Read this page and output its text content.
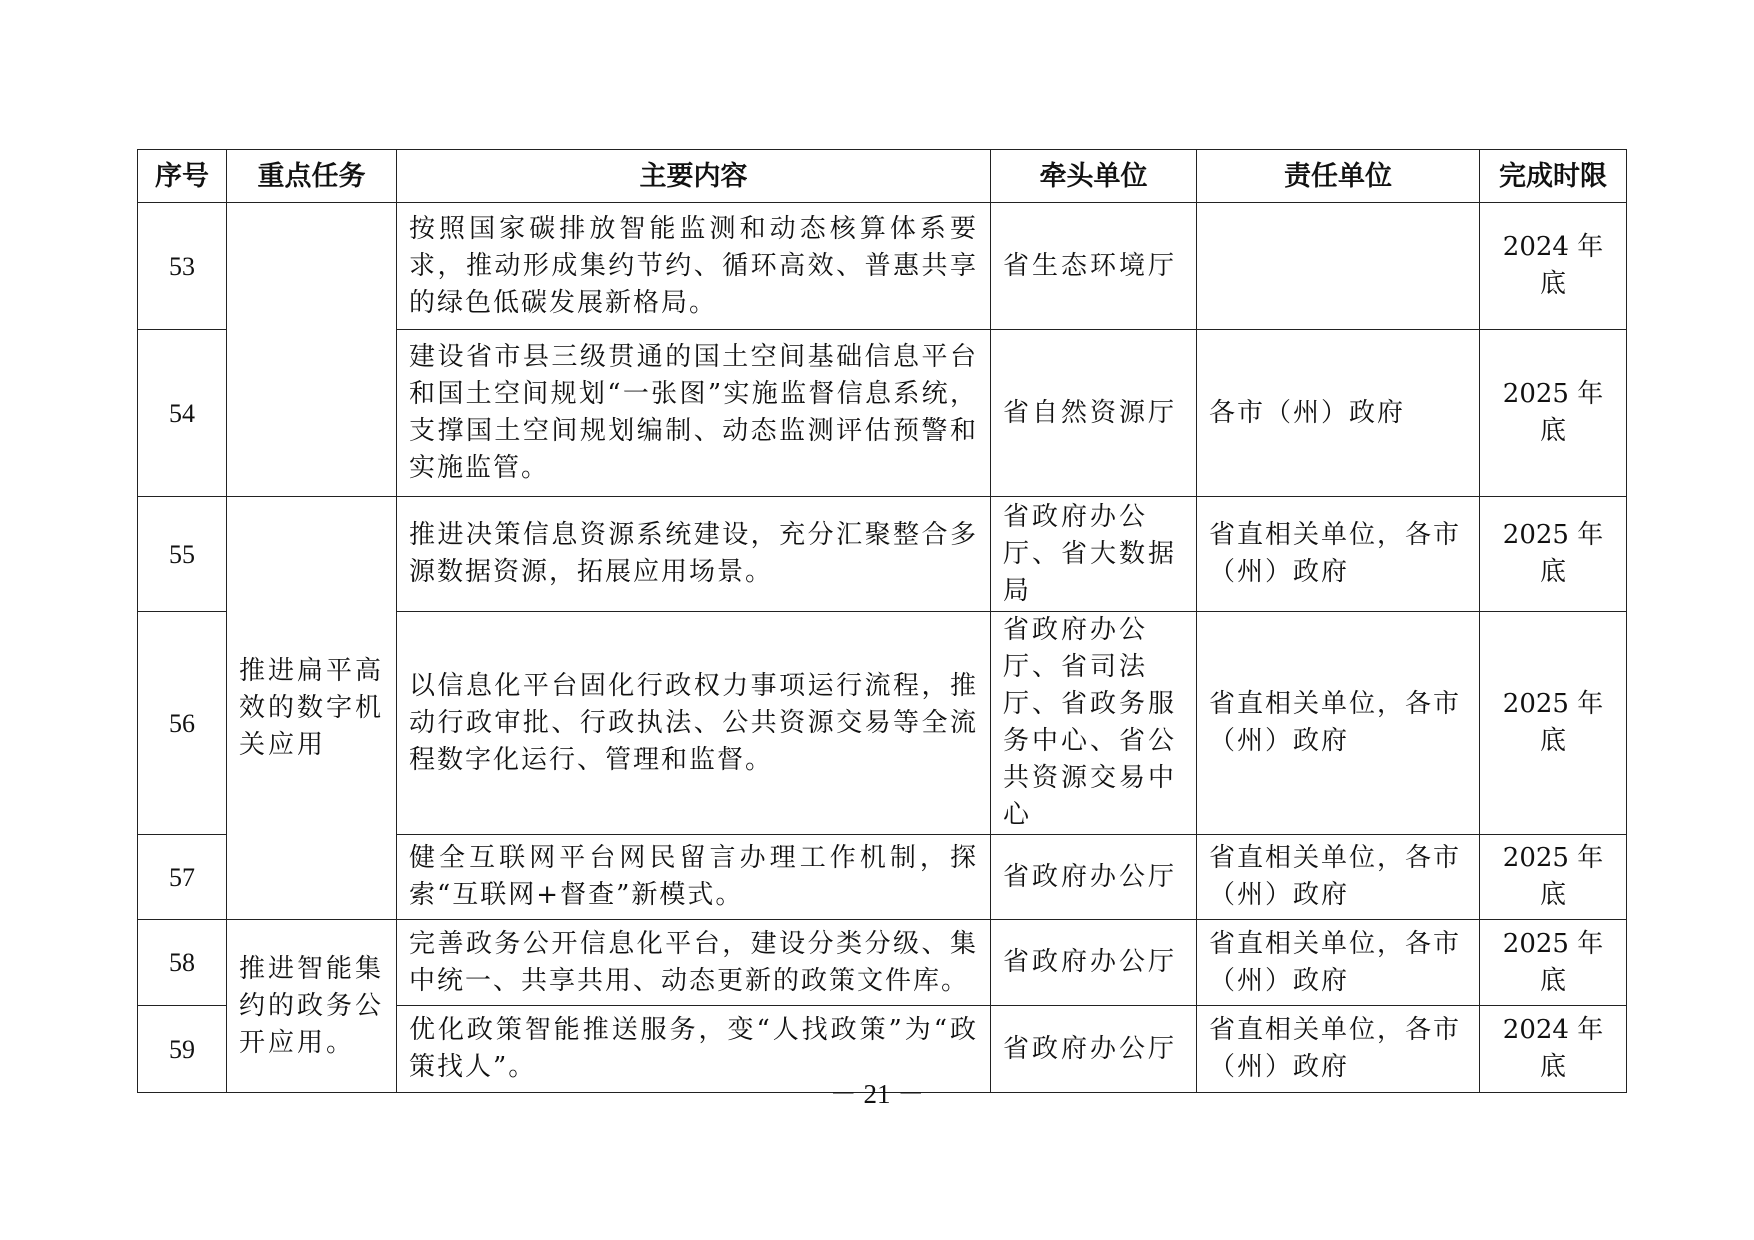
序号	重点任务	主要内容	牵头单位	责任单位	完成时限
53		按照国家碳排放智能监测和动态核算体系要求，推动形成集约节约、循环高效、普惠共享的绿色低碳发展新格局。	省生态环境厅		2024 年底
54		建设省市县三级贯通的国土空间基础信息平台和国土空间规划“一张图”实施监督信息系统，支撑国土空间规划编制、动态监测评估预警和实施监管。	省自然资源厅	各市（州）政府	2025 年底
55	推进扁平高效的数字机关应用	推进决策信息资源系统建设，充分汇聚整合多源数据资源，拓展应用场景。	省政府办公厅、省大数据局	省直相关单位，各市（州）政府	2025 年底
56		以信息化平台固化行政权力事项运行流程，推动行政审批、行政执法、公共资源交易等全流程数字化运行、管理和监督。	省政府办公厅、省司法厅、省政务服务中心、省公共资源交易中心	省直相关单位，各市（州）政府	2025 年底
57		健全互联网平台网民留言办理工作机制，探索“互联网+督查”新模式。	省政府办公厅	省直相关单位，各市（州）政府	2025 年底
58	推进智能集约的政务公开应用。	完善政务公开信息化平台，建设分类分级、集中统一、共享共用、动态更新的政策文件库。	省政府办公厅	省直相关单位，各市（州）政府	2025 年底
59		优化政策智能推送服务，变“人找政策”为“政策找人”。	省政府办公厅	省直相关单位，各市（州）政府	2024 年底
－ 21 －
